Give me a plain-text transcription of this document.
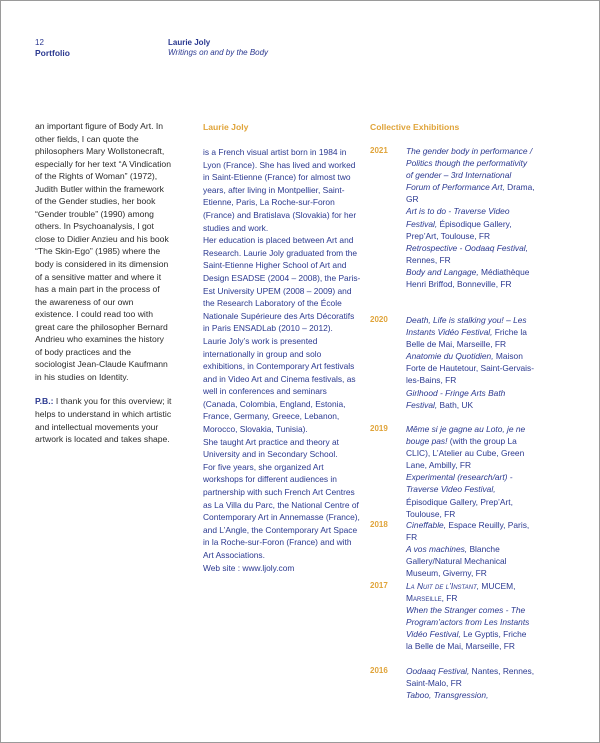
12
Portfolio
Laurie Joly
Writings on and by the Body

an important figure of Body Art. In other fields, I can quote the philosophers Mary Wollstonecraft, especially for her text “A Vindication of the Rights of Woman” (1972), Judith Butler within the framework of the Gender studies, her book “Gender trouble” (1990) among others. In Psychoanalysis, I got close to Didier Anzieu and his book “The Skin-Ego” (1985) where the body is considered in its dimension of a sensitive matter and where it has a main part in the process of the awareness of our own existence. I could read too with great care the philosopher Bernard Andrieu who examines the history of body practices and the sociologist Jean-Claude Kaufmann in his studies on Identity.

P.B.: I thank you for this overview; it helps to understand in which artistic and intellectual movements your artwork is located and takes shape.

Laurie Joly

is a French visual artist born in 1984 in Lyon (France). She has lived and worked in Saint-Etienne (France) for almost two years, after living in Montpellier, Saint-Etienne, Paris, La Roche-sur-Foron (France) and Bratislava (Slovakia) for her studies and work.

Her education is placed between Art and Research. Laurie Joly graduated from the Saint-Etienne Higher School of Art and Design ESADSE (2004 – 2008), the Paris-Est University UPEM (2008 – 2009) and the Research Laboratory of the École Nationale Supérieure des Arts Décoratifs in Paris ENSADLab (2010 – 2012).

Laurie Joly’s work is presented internationally in group and solo exhibitions, in Contemporary Art festivals and in Video Art and Cinema festivals, as well in conferences and seminars (Canada, Colombia, England, Estonia, France, Germany, Greece, Lebanon, Morocco, Slovakia, Tunisia).

She taught Art practice and theory at University and in Secondary School.

For five years, she organized Art workshops for different audiences in partnership with such French Art Centres as La Villa du Parc, the National Centre of Contemporary Art in Annemasse (France), and L’Angle, the Contemporary Art Space in la Roche-sur-Foron (France) and with Art Associations.

Web site : www.ljoly.com

Collective Exhibitions
2021 The gender body in performance / Politics though the performativity of gender – 3rd International Forum of Performance Art, Drama, GR

Art is to do - Traverse Video Festival, Épisodique Gallery, Prep’Art, Toulouse, FR

Retrospective - Oodaaq Festival, Rennes, FR

Body and Langage, Médiathèque Henri Briffod, Bonneville, FR

2020 Death, Life is stalking you! – Les Instants Vidéo Festival, Friche la Belle de Mai, Marseille, FR

Anatomie du Quotidien, Maison Forte de Hautetour, Saint-Gervais-les-Bains, FR

Girlhood - Fringe Arts Bath Festival, Bath, UK

2019 Même si je gagne au Loto, je ne bouge pas! (with the group La CLIC), L’Atelier au Cube, Green Lane, Ambilly, FR

Experimental (research/art) - Traverse Video Festival, Épisodique Gallery, Prep’Art, Toulouse, FR

2018 Cineffable, Espace Reuilly, Paris, FR

A vos machines, Blanche Gallery/Natural Mechanical Museum, Giverny, FR

2017 La Nuit de l’Instant, MUCEM, Marseille, FR

When the Stranger comes - The Program’actors from Les Instants Vidéo Festival, Le Gyptis, Friche la Belle de Mai, Marseille, FR

2016 Oodaaq Festival, Nantes, Rennes, Saint-Malo, FR

Taboo, Transgression,
